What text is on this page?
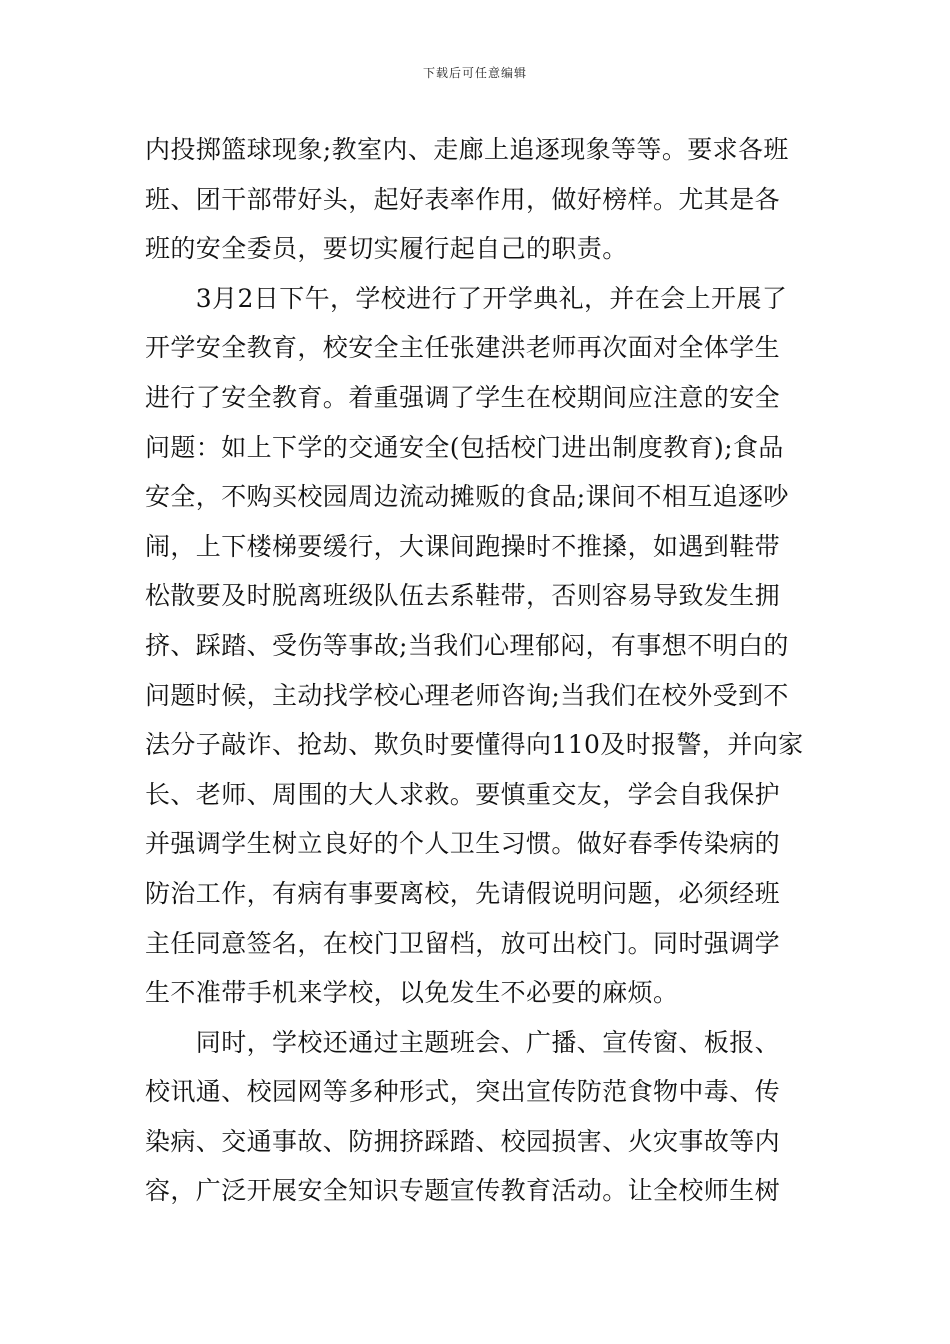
下载后可任意编辑
内投掷篮球现象;教室内、走廊上追逐现象等等。要求各班
班、团干部带好头，起好表率作用，做好榜样。尤其是各
班的安全委员，要切实履行起自己的职责。
　　3月2日下午，学校进行了开学典礼，并在会上开展了
开学安全教育，校安全主任张建洪老师再次面对全体学生
进行了安全教育。着重强调了学生在校期间应注意的安全
问题：如上下学的交通安全(包括校门进出制度教育);食品
安全，不购买校园周边流动摊贩的食品;课间不相互追逐吵
闹，上下楼梯要缓行，大课间跑操时不推搡，如遇到鞋带
松散要及时脱离班级队伍去系鞋带，否则容易导致发生拥
挤、踩踏、受伤等事故;当我们心理郁闷，有事想不明白的
问题时候，主动找学校心理老师咨询;当我们在校外受到不
法分子敲诈、抢劫、欺负时要懂得向110及时报警，并向家
长、老师、周围的大人求救。要慎重交友，学会自我保护
并强调学生树立良好的个人卫生习惯。做好春季传染病的
防治工作，有病有事要离校，先请假说明问题，必须经班
主任同意签名，在校门卫留档，放可出校门。同时强调学
生不准带手机来学校，以免发生不必要的麻烦。
　　同时，学校还通过主题班会、广播、宣传窗、板报、
校讯通、校园网等多种形式，突出宣传防范食物中毒、传
染病、交通事故、防拥挤踩踏、校园损害、火灾事故等内
容，广泛开展安全知识专题宣传教育活动。让全校师生树
